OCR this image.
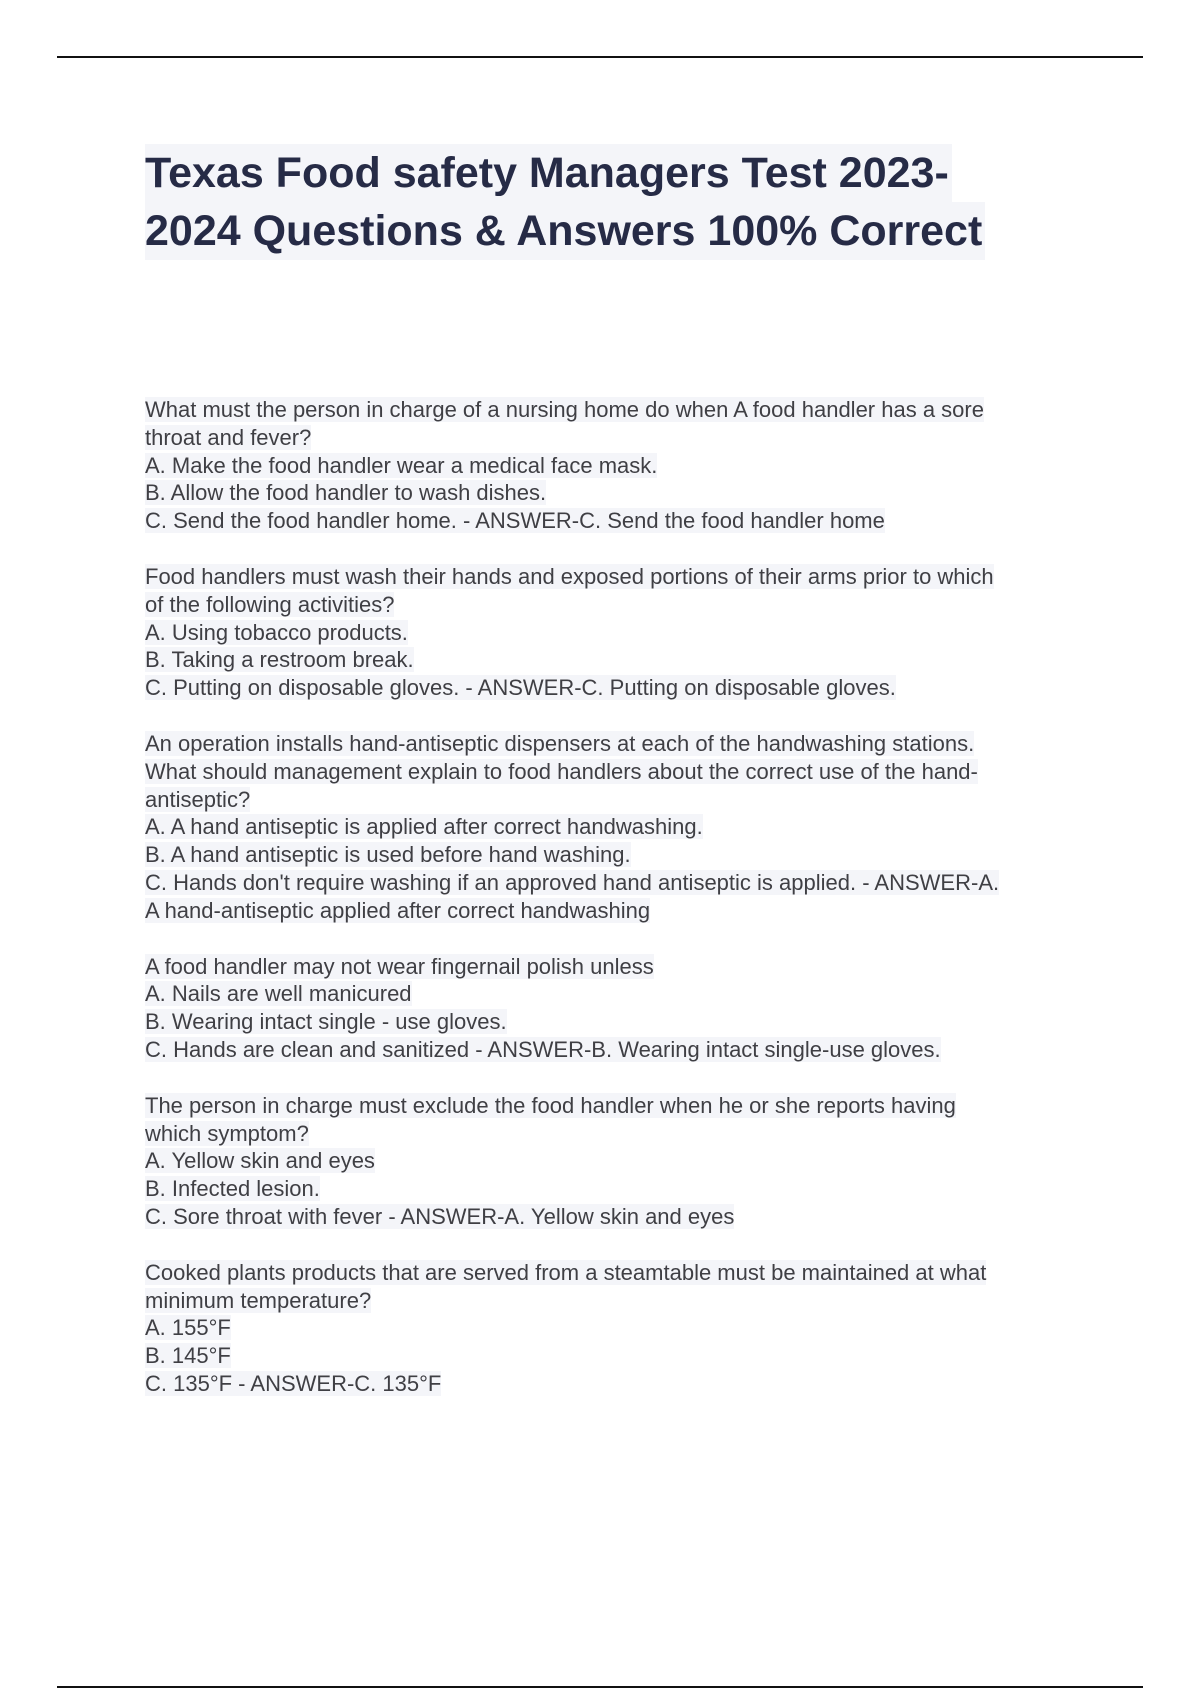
Texas Food safety Managers Test 2023-
2024 Questions & Answers 100% Correct
What must the person in charge of a nursing home do when A food handler has a sore
throat and fever?
A. Make the food handler wear a medical face mask.
B. Allow the food handler to wash dishes.
C. Send the food handler home. - ANSWER-C. Send the food handler home
Food handlers must wash their hands and exposed portions of their arms prior to which
of the following activities?
A. Using tobacco products.
B. Taking a restroom break.
C. Putting on disposable gloves. - ANSWER-C. Putting on disposable gloves.
An operation installs hand-antiseptic dispensers at each of the handwashing stations.
What should management explain to food handlers about the correct use of the hand-
antiseptic?
A. A hand antiseptic is applied after correct handwashing.
B. A hand antiseptic is used before hand washing.
C. Hands don't require washing if an approved hand antiseptic is applied. - ANSWER-A.
A hand-antiseptic applied after correct handwashing
A food handler may not wear fingernail polish unless
A. Nails are well manicured
B. Wearing intact single - use gloves.
C. Hands are clean and sanitized - ANSWER-B. Wearing intact single-use gloves.
The person in charge must exclude the food handler when he or she reports having
which symptom?
A. Yellow skin and eyes
B. Infected lesion.
C. Sore throat with fever - ANSWER-A. Yellow skin and eyes
Cooked plants products that are served from a steamtable must be maintained at what
minimum temperature?
A. 155°F
B. 145°F
C. 135°F - ANSWER-C. 135°F
